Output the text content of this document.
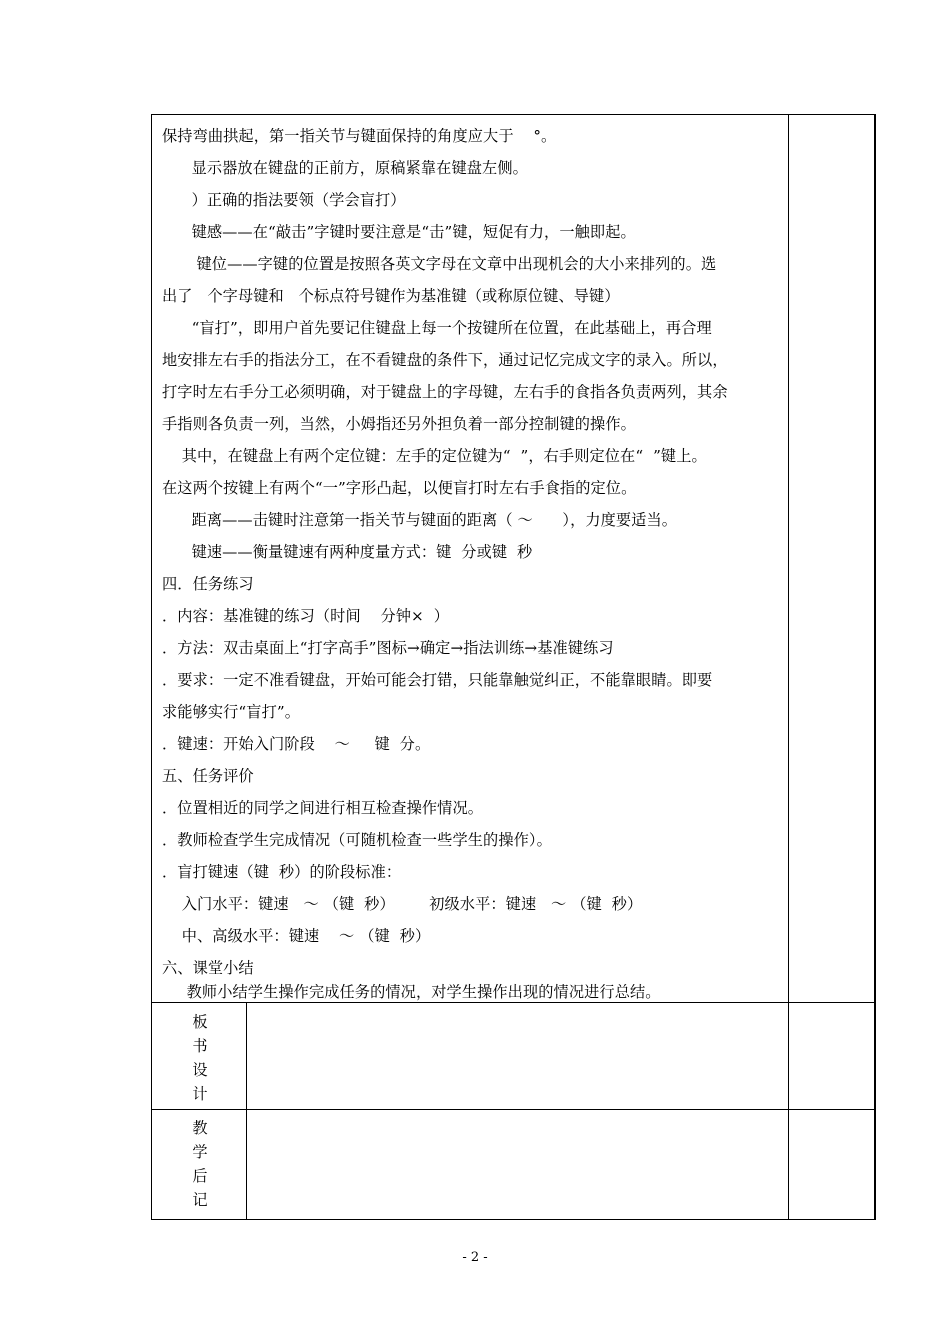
保持弯曲拱起，第一指关节与键面保持的角度应大于    °。
显示器放在键盘的正前方，原稿紧靠在键盘左侧。
）正确的指法要领（学会盲打）
键感——在“敲击”字键时要注意是“击”键，短促有力，一触即起。
键位——字键的位置是按照各英文字母在文章中出现机会的大小来排列的。选
出了   个字母键和   个标点符号键作为基准键（或称原位键、导键）
“盲打”，即用户首先要记住键盘上每一个按键所在位置，在此基础上，再合理
地安排左右手的指法分工，在不看键盘的条件下，通过记忆完成文字的录入。所以，
打字时左右手分工必须明确，对于键盘上的字母键，左右手的食指各负责两列，其余
手指则各负责一列，当然，小姆指还另外担负着一部分控制键的操作。
其中，在键盘上有两个定位键：左手的定位键为“  ”，右手则定位在“  ”键上。
在这两个按键上有两个“一”字形凸起，以便盲打时左右手食指的定位。
距离——击键时注意第一指关节与键面的距离（ ～      ），力度要适当。
键速——衡量键速有两种度量方式：键  分或键  秒
四．任务练习
．内容：基准键的练习（时间    分钟×  ）
．方法：双击桌面上“打字高手”图标→确定→指法训练→基准键练习
．要求：一定不准看键盘，开始可能会打错，只能靠触觉纠正，不能靠眼睛。即要
求能够实行“盲打”。
．键速：开始入门阶段    ～     键  分。
五、任务评价
．位置相近的同学之间进行相互检查操作情况。
．教师检查学生完成情况（可随机检查一些学生的操作）。
．盲打键速（键  秒）的阶段标准：
入门水平：键速   ～ （键  秒）       初级水平：键速   ～ （键  秒）
中、高级水平：键速    ～ （键  秒）
六、课堂小结
教师小结学生操作完成任务的情况，对学生操作出现的情况进行总结。
板
书
设
计
教
学
后
记
- 2 -
